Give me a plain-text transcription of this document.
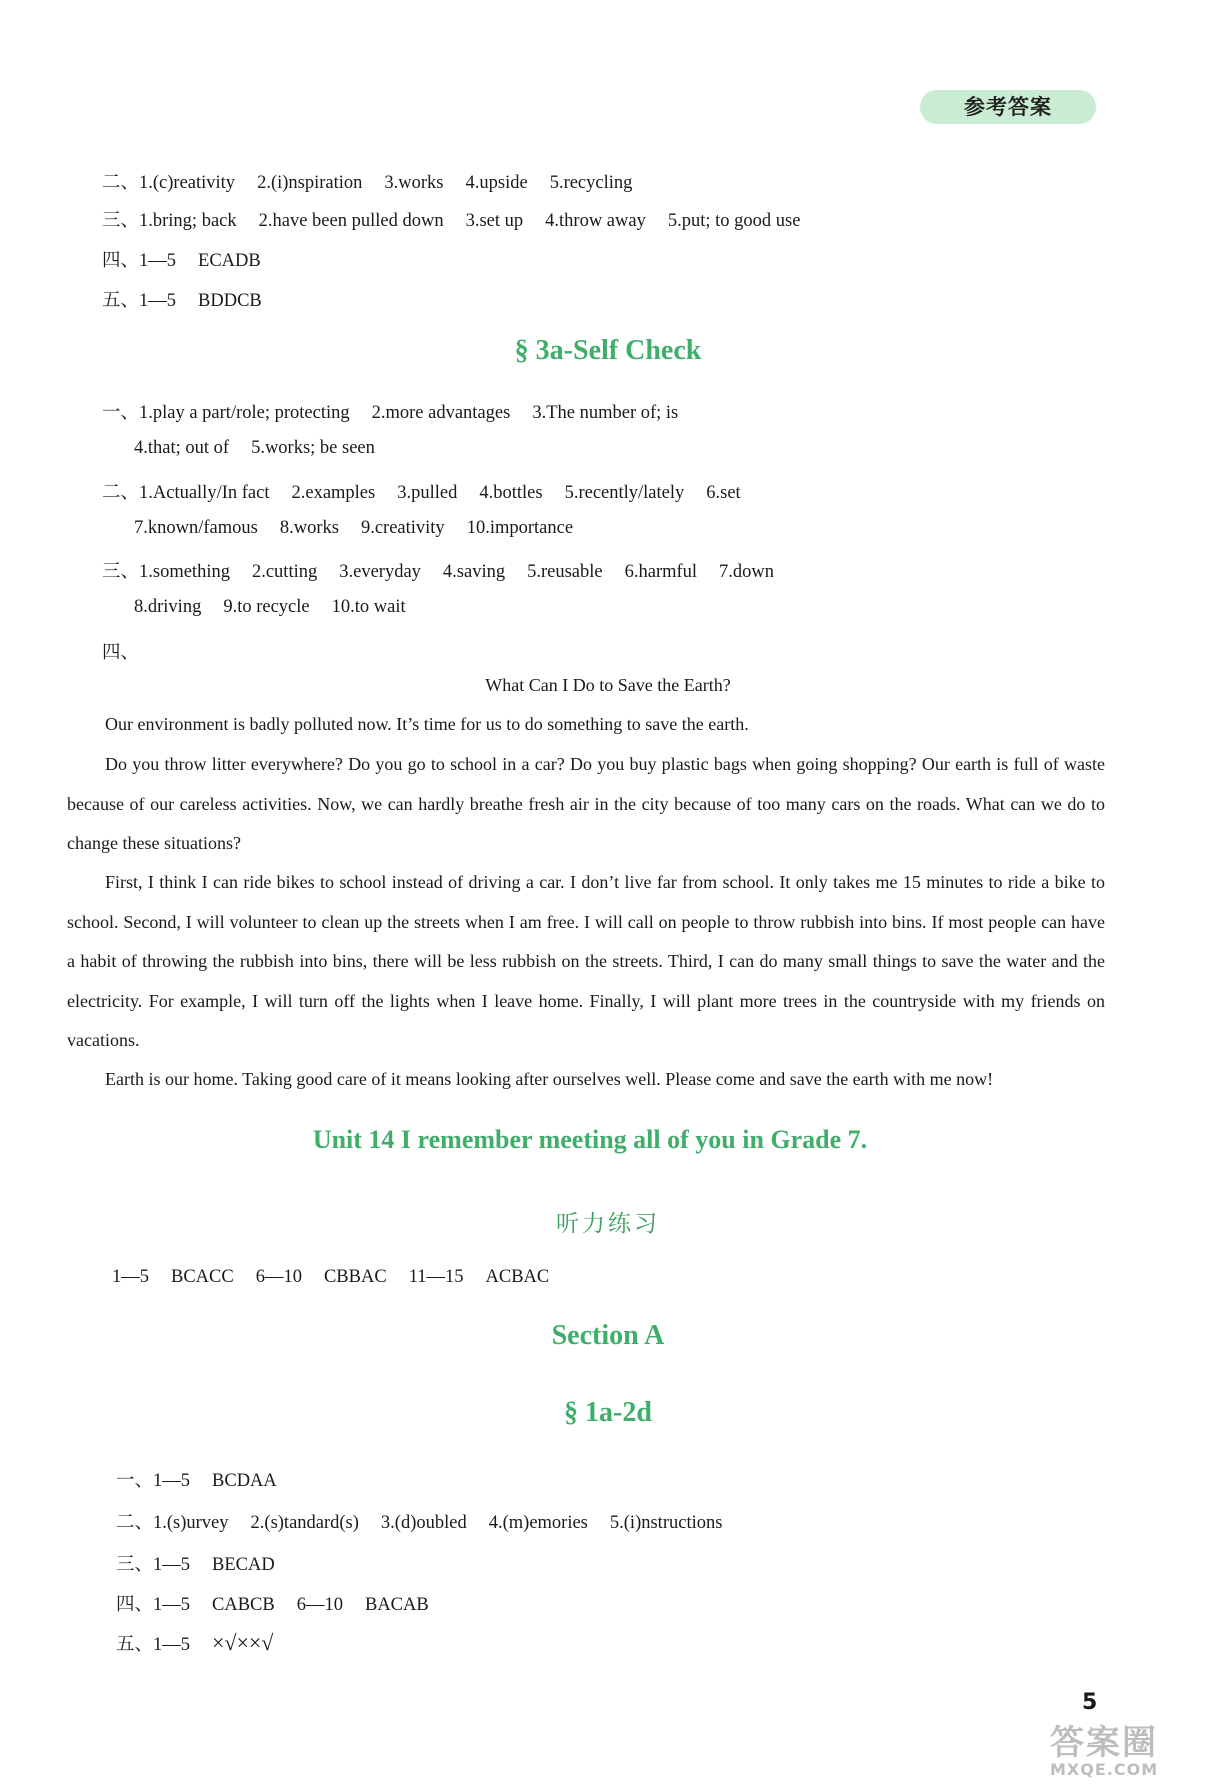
参考答案
二、1.(c)reativity 2.(i)nspiration 3.works 4.upside 5.recycling
三、1.bring; back 2.have been pulled down 3.set up 4.throw away 5.put; to good use
四、1—5 ECADB
五、1—5 BDDCB
§ 3a-Self Check
一、1.play a part/role; protecting 2.more advantages 3.The number of; is
4.that; out of 5.works; be seen
二、1.Actually/In fact 2.examples 3.pulled 4.bottles 5.recently/lately 6.set
7.known/famous 8.works 9.creativity 10.importance
三、1.something 2.cutting 3.everyday 4.saving 5.reusable 6.harmful 7.down
8.driving 9.to recycle 10.to wait
四、
What Can I Do to Save the Earth?
Our environment is badly polluted now. It’s time for us to do something to save the earth.
Do you throw litter everywhere? Do you go to school in a car? Do you buy plastic bags when going shopping? Our earth is full of waste because of our careless activities. Now, we can hardly breathe fresh air in the city because of too many cars on the roads. What can we do to change these situations?
First, I think I can ride bikes to school instead of driving a car. I don’t live far from school. It only takes me 15 minutes to ride a bike to school. Second, I will volunteer to clean up the streets when I am free. I will call on people to throw rubbish into bins. If most people can have a habit of throwing the rubbish into bins, there will be less rubbish on the streets. Third, I can do many small things to save the water and the electricity. For example, I will turn off the lights when I leave home. Finally, I will plant more trees in the countryside with my friends on vacations.
Earth is our home. Taking good care of it means looking after ourselves well. Please come and save the earth with me now!
Unit 14 I remember meeting all of you in Grade 7.
听力练习
1—5 BCACC 6—10 CBBAC 11—15 ACBAC
Section A
§ 1a-2d
一、1—5 BCDAA
二、1.(s)urvey 2.(s)tandard(s) 3.(d)oubled 4.(m)emories 5.(i)nstructions
三、1—5 BECAD
四、1—5 CABCB 6—10 BACAB
五、1—5 ×√××√
5
答案圈
MXQE.COM
